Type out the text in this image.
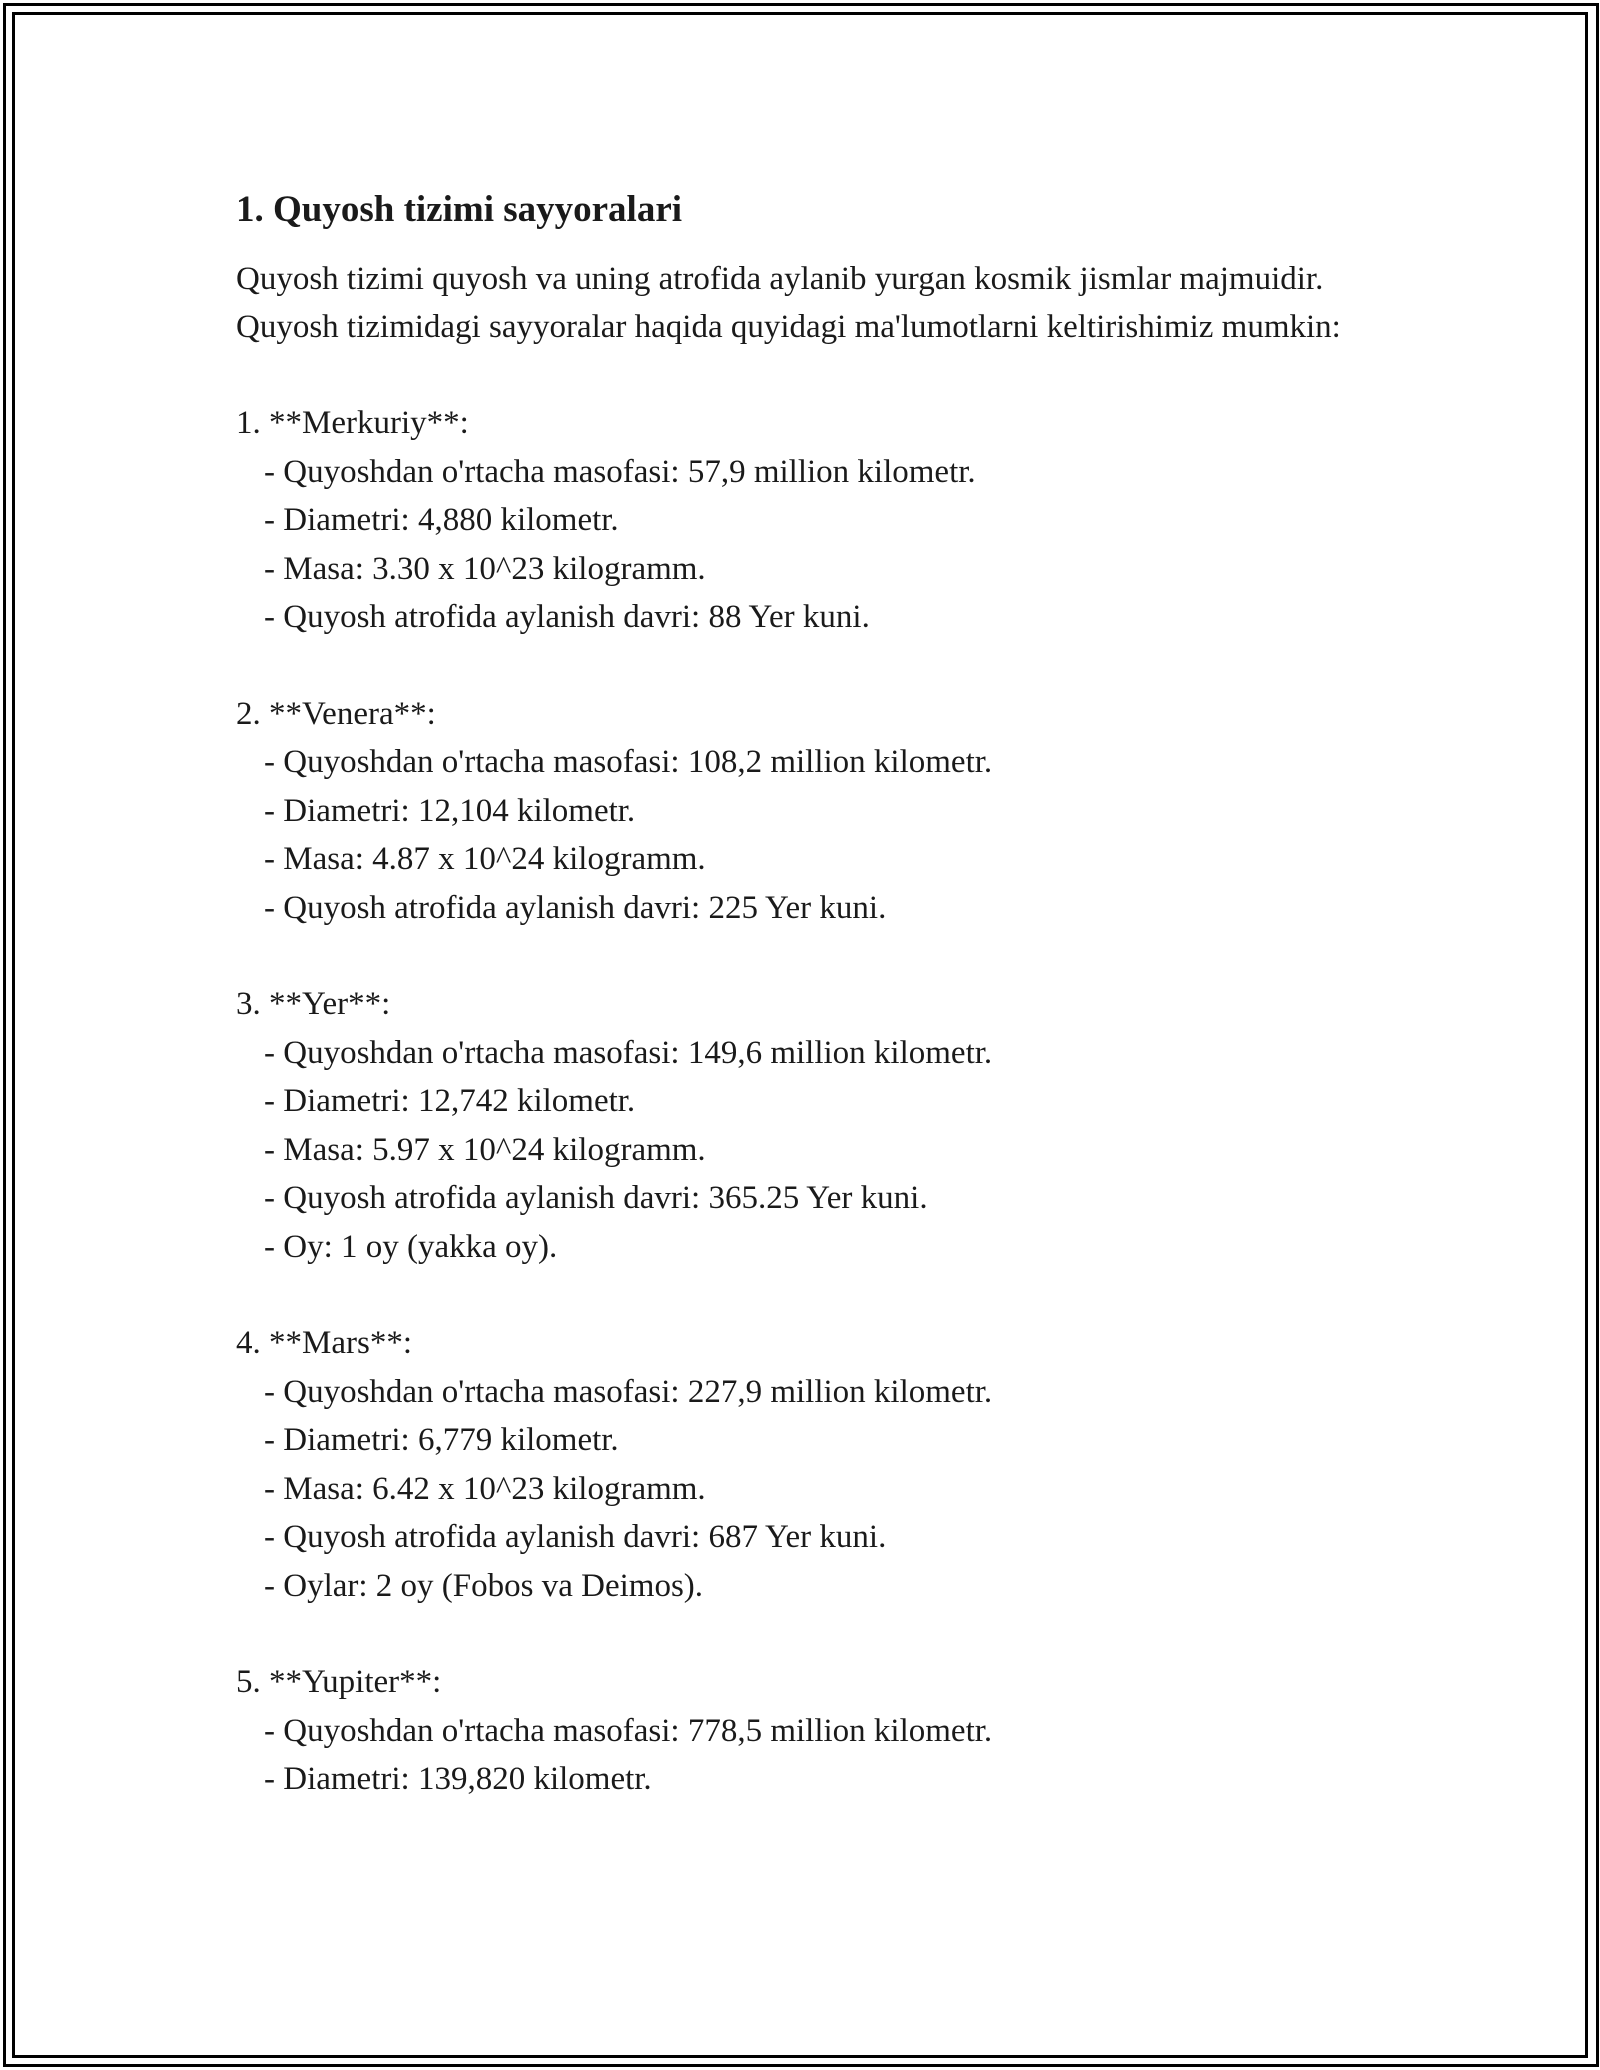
1. Quyosh tizimi sayyoralari

Quyosh tizimi quyosh va uning atrofida aylanib yurgan kosmik jismlar majmuidir. Quyosh tizimidagi sayyoralar haqida quyidagi ma'lumotlarni keltirishimiz mumkin:

1. **Merkuriy**:

- Quyoshdan o'rtacha masofasi: 57,9 million kilometr.

- Diametri: 4,880 kilometr.

- Masa: 3.30 x 10^23 kilogramm.

- Quyosh atrofida aylanish davri: 88 Yer kuni.

2. **Venera**:

- Quyoshdan o'rtacha masofasi: 108,2 million kilometr.

- Diametri: 12,104 kilometr.

- Masa: 4.87 x 10^24 kilogramm.

- Quyosh atrofida aylanish davri: 225 Yer kuni.

3. **Yer**:

- Quyoshdan o'rtacha masofasi: 149,6 million kilometr.

- Diametri: 12,742 kilometr.

- Masa: 5.97 x 10^24 kilogramm.

- Quyosh atrofida aylanish davri: 365.25 Yer kuni.

- Oy: 1 oy (yakka oy).

4. **Mars**:

- Quyoshdan o'rtacha masofasi: 227,9 million kilometr.

- Diametri: 6,779 kilometr.

- Masa: 6.42 x 10^23 kilogramm.

- Quyosh atrofida aylanish davri: 687 Yer kuni.

- Oylar: 2 oy (Fobos va Deimos).

5. **Yupiter**:

- Quyoshdan o'rtacha masofasi: 778,5 million kilometr.

- Diametri: 139,820 kilometr.
